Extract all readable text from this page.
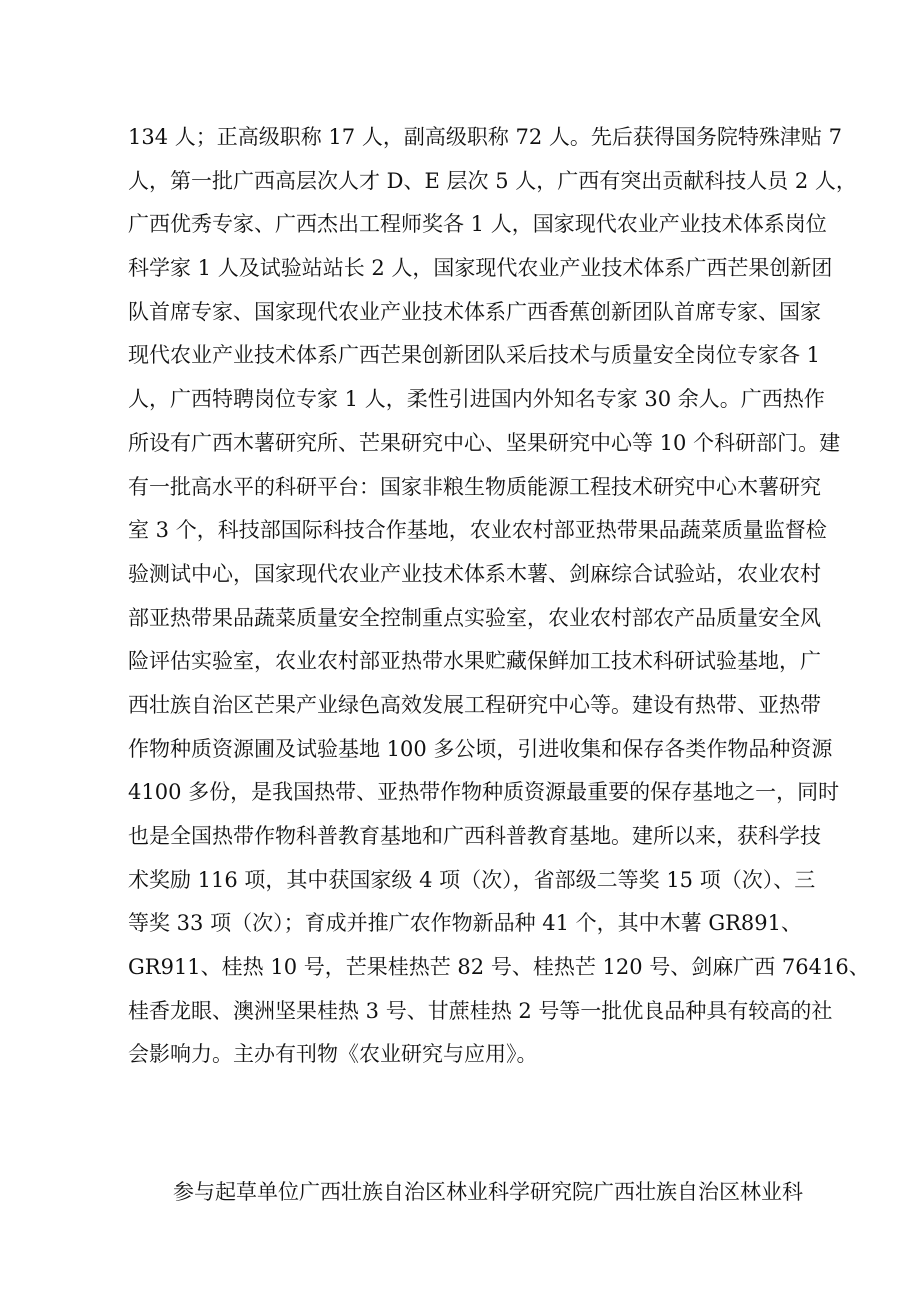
134 人；正高级职称 17 人，副高级职称 72 人。先后获得国务院特殊津贴 7
人，第一批广西高层次人才 D、E 层次 5 人，广西有突出贡献科技人员 2 人，
广西优秀专家、广西杰出工程师奖各 1 人，国家现代农业产业技术体系岗位
科学家 1 人及试验站站长 2 人，国家现代农业产业技术体系广西芒果创新团
队首席专家、国家现代农业产业技术体系广西香蕉创新团队首席专家、国家
现代农业产业技术体系广西芒果创新团队采后技术与质量安全岗位专家各 1
人，广西特聘岗位专家 1 人，柔性引进国内外知名专家 30 余人。广西热作
所设有广西木薯研究所、芒果研究中心、坚果研究中心等 10 个科研部门。建
有一批高水平的科研平台：国家非粮生物质能源工程技术研究中心木薯研究
室 3 个，科技部国际科技合作基地，农业农村部亚热带果品蔬菜质量监督检
验测试中心，国家现代农业产业技术体系木薯、剑麻综合试验站，农业农村
部亚热带果品蔬菜质量安全控制重点实验室，农业农村部农产品质量安全风
险评估实验室，农业农村部亚热带水果贮藏保鲜加工技术科研试验基地，广
西壮族自治区芒果产业绿色高效发展工程研究中心等。建设有热带、亚热带
作物种质资源圃及试验基地 100 多公顷，引进收集和保存各类作物品种资源
4100 多份，是我国热带、亚热带作物种质资源最重要的保存基地之一，同时
也是全国热带作物科普教育基地和广西科普教育基地。建所以来，获科学技
术奖励 116 项，其中获国家级 4 项（次），省部级二等奖 15 项（次）、三
等奖 33 项（次）；育成并推广农作物新品种 41 个，其中木薯 GR891、
GR911、桂热 10 号，芒果桂热芒 82 号、桂热芒 120 号、剑麻广西 76416、
桂香龙眼、澳洲坚果桂热 3 号、甘蔗桂热 2 号等一批优良品种具有较高的社
会影响力。主办有刊物《农业研究与应用》。
参与起草单位广西壮族自治区林业科学研究院广西壮族自治区林业科
